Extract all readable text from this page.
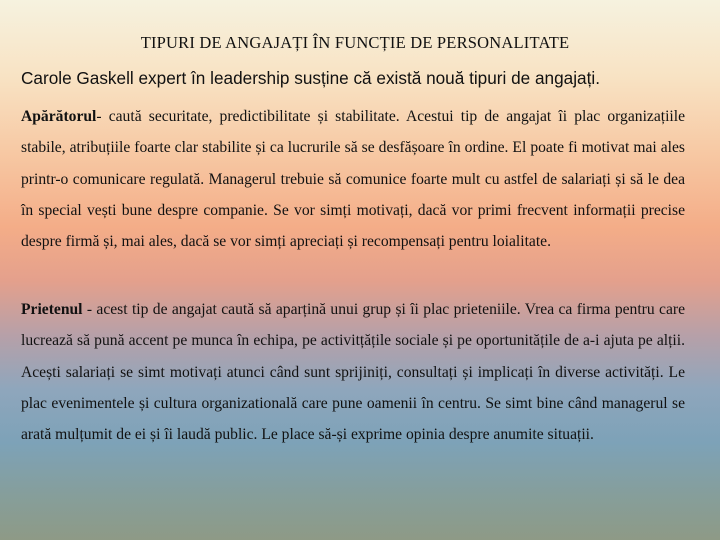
TIPURI DE ANGAJAȚI ÎN FUNCȚIE DE PERSONALITATE

Carole Gaskell expert în leadership susține că există nouă tipuri de angajați.

Apărătorul- caută securitate, predictibilitate și stabilitate. Acestui tip de angajat îi plac organizațiile stabile, atribuțiile foarte clar stabilite și ca lucrurile să se desfășoare în ordine. El poate fi motivat mai ales printr-o comunicare regulată. Managerul trebuie să comunice foarte mult cu astfel de salariați și să le dea în special vești bune despre companie. Se vor simți motivați, dacă vor primi frecvent informații precise despre firmă și, mai ales, dacă se vor simți apreciați și recompensați pentru loialitate.

Prietenul - acest tip de angajat caută să aparțină unui grup și îi plac prieteniile. Vrea ca firma pentru care lucrează să pună accent pe munca în echipa, pe activitțățile sociale și pe oportunitățile de a-i ajuta pe alții. Acești salariați se simt motivați atunci când sunt sprijiniți, consultați și implicați în diverse activități. Le plac evenimentele și cultura organizatională care pune oamenii în centru. Se simt bine când managerul se arată mulțumit de ei și îi laudă public. Le place să-și exprime opinia despre anumite situații.
